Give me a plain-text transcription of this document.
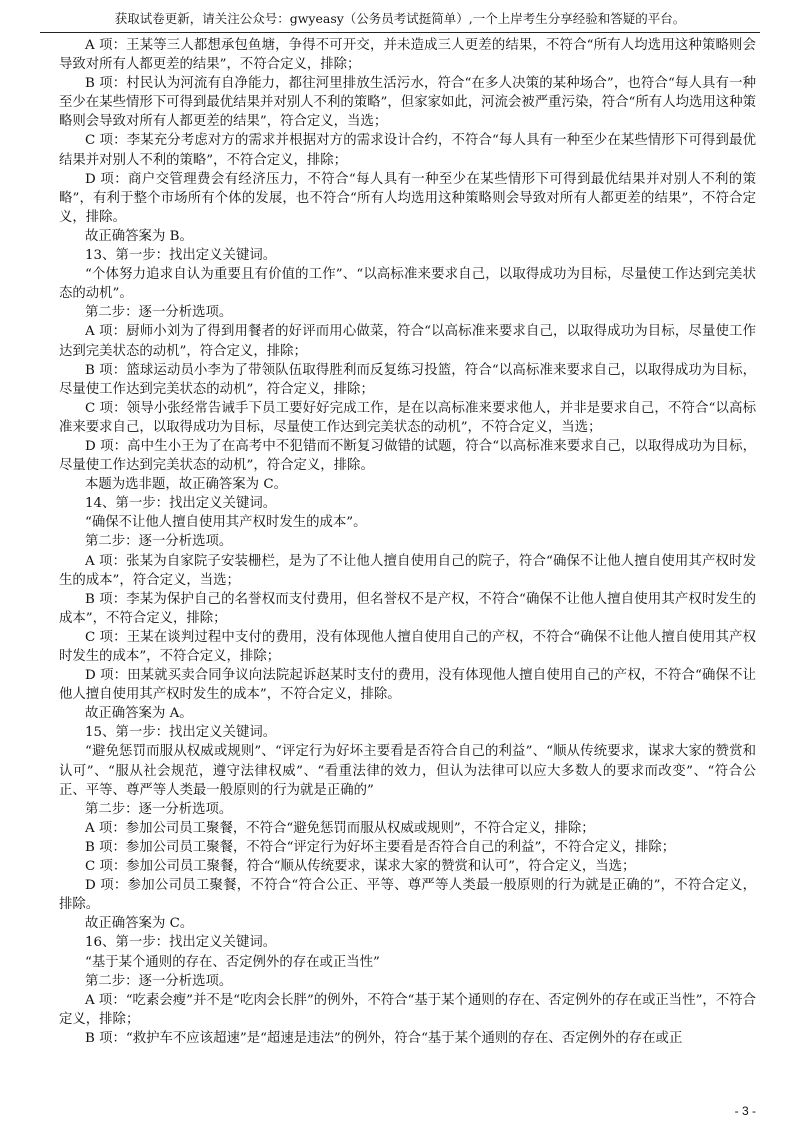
获取试卷更新，请关注公众号：gwyeasy（公务员考试挺简单）,一个上岸考生分享经验和答疑的平台。

A 项：王某等三人都想承包鱼塘，争得不可开交，并未造成三人更差的结果，不符合“所有人均选用这种策略则会导致对所有人都更差的结果”，不符合定义，排除；

B 项：村民认为河流有自净能力，都往河里排放生活污水，符合“在多人决策的某种场合”，也符合“每人具有一种至少在某些情形下可得到最优结果并对别人不利的策略”，但家家如此，河流会被严重污染，符合“所有人均选用这种策略则会导致对所有人都更差的结果”，符合定义，当选；

C 项：李某充分考虑对方的需求并根据对方的需求设计合约，不符合“每人具有一种至少在某些情形下可得到最优结果并对别人不利的策略”，不符合定义，排除；

D 项：商户交管理费会有经济压力，不符合“每人具有一种至少在某些情形下可得到最优结果并对别人不利的策略”，有利于整个市场所有个体的发展，也不符合“所有人均选用这种策略则会导致对所有人都更差的结果”，不符合定义，排除。

故正确答案为 B。

13、第一步：找出定义关键词。

“个体努力追求自认为重要且有价值的工作”、“以高标准来要求自己，以取得成功为目标，尽量使工作达到完美状态的动机”。

第二步：逐一分析选项。

A 项：厨师小刘为了得到用餐者的好评而用心做菜，符合“以高标准来要求自己，以取得成功为目标，尽量使工作达到完美状态的动机”，符合定义，排除；

B 项：篮球运动员小李为了带领队伍取得胜利而反复练习投篮，符合“以高标准来要求自己，以取得成功为目标，尽量使工作达到完美状态的动机”，符合定义，排除；

C 项：领导小张经常告诫手下员工要好好完成工作，是在以高标准来要求他人，并非是要求自己，不符合“以高标准来要求自己，以取得成功为目标，尽量使工作达到完美状态的动机”，不符合定义，当选；

D 项：高中生小王为了在高考中不犯错而不断复习做错的试题，符合“以高标准来要求自己，以取得成功为目标，尽量使工作达到完美状态的动机”，符合定义，排除。

本题为选非题，故正确答案为 C。

14、第一步：找出定义关键词。

“确保不让他人擅自使用其产权时发生的成本”。

第二步：逐一分析选项。

A 项：张某为自家院子安装栅栏，是为了不让他人擅自使用自己的院子，符合“确保不让他人擅自使用其产权时发生的成本”，符合定义，当选；

B 项：李某为保护自己的名誉权而支付费用，但名誉权不是产权，不符合“确保不让他人擅自使用其产权时发生的成本”，不符合定义，排除；

C 项：王某在谈判过程中支付的费用，没有体现他人擅自使用自己的产权，不符合“确保不让他人擅自使用其产权时发生的成本”，不符合定义，排除；

D 项：田某就买卖合同争议向法院起诉赵某时支付的费用，没有体现他人擅自使用自己的产权，不符合“确保不让他人擅自使用其产权时发生的成本”，不符合定义，排除。

故正确答案为 A。

15、第一步：找出定义关键词。

“避免惩罚而服从权威或规则”、“评定行为好坏主要看是否符合自己的利益”、“顺从传统要求，谋求大家的赞赏和认可”、“服从社会规范，遵守法律权威”、“看重法律的效力，但认为法律可以应大多数人的要求而改变”、“符合公正、平等、尊严等人类最一般原则的行为就是正确的”

第二步：逐一分析选项。

A 项：参加公司员工聚餐，不符合“避免惩罚而服从权威或规则”，不符合定义，排除；

B 项：参加公司员工聚餐，不符合“评定行为好坏主要看是否符合自己的利益”，不符合定义，排除；

C 项：参加公司员工聚餐，符合“顺从传统要求，谋求大家的赞赏和认可”，符合定义，当选；

D 项：参加公司员工聚餐，不符合“符合公正、平等、尊严等人类最一般原则的行为就是正确的”，不符合定义，排除。

故正确答案为 C。

16、第一步：找出定义关键词。

“基于某个通则的存在、否定例外的存在或正当性”

第二步：逐一分析选项。

A 项：“吃素会瘦”并不是“吃肉会长胖”的例外，不符合“基于某个通则的存在、否定例外的存在或正当性”，不符合定义，排除；

B 项：“救护车不应该超速”是“超速是违法”的例外，符合“基于某个通则的存在、否定例外的存在或正

- 3 -
